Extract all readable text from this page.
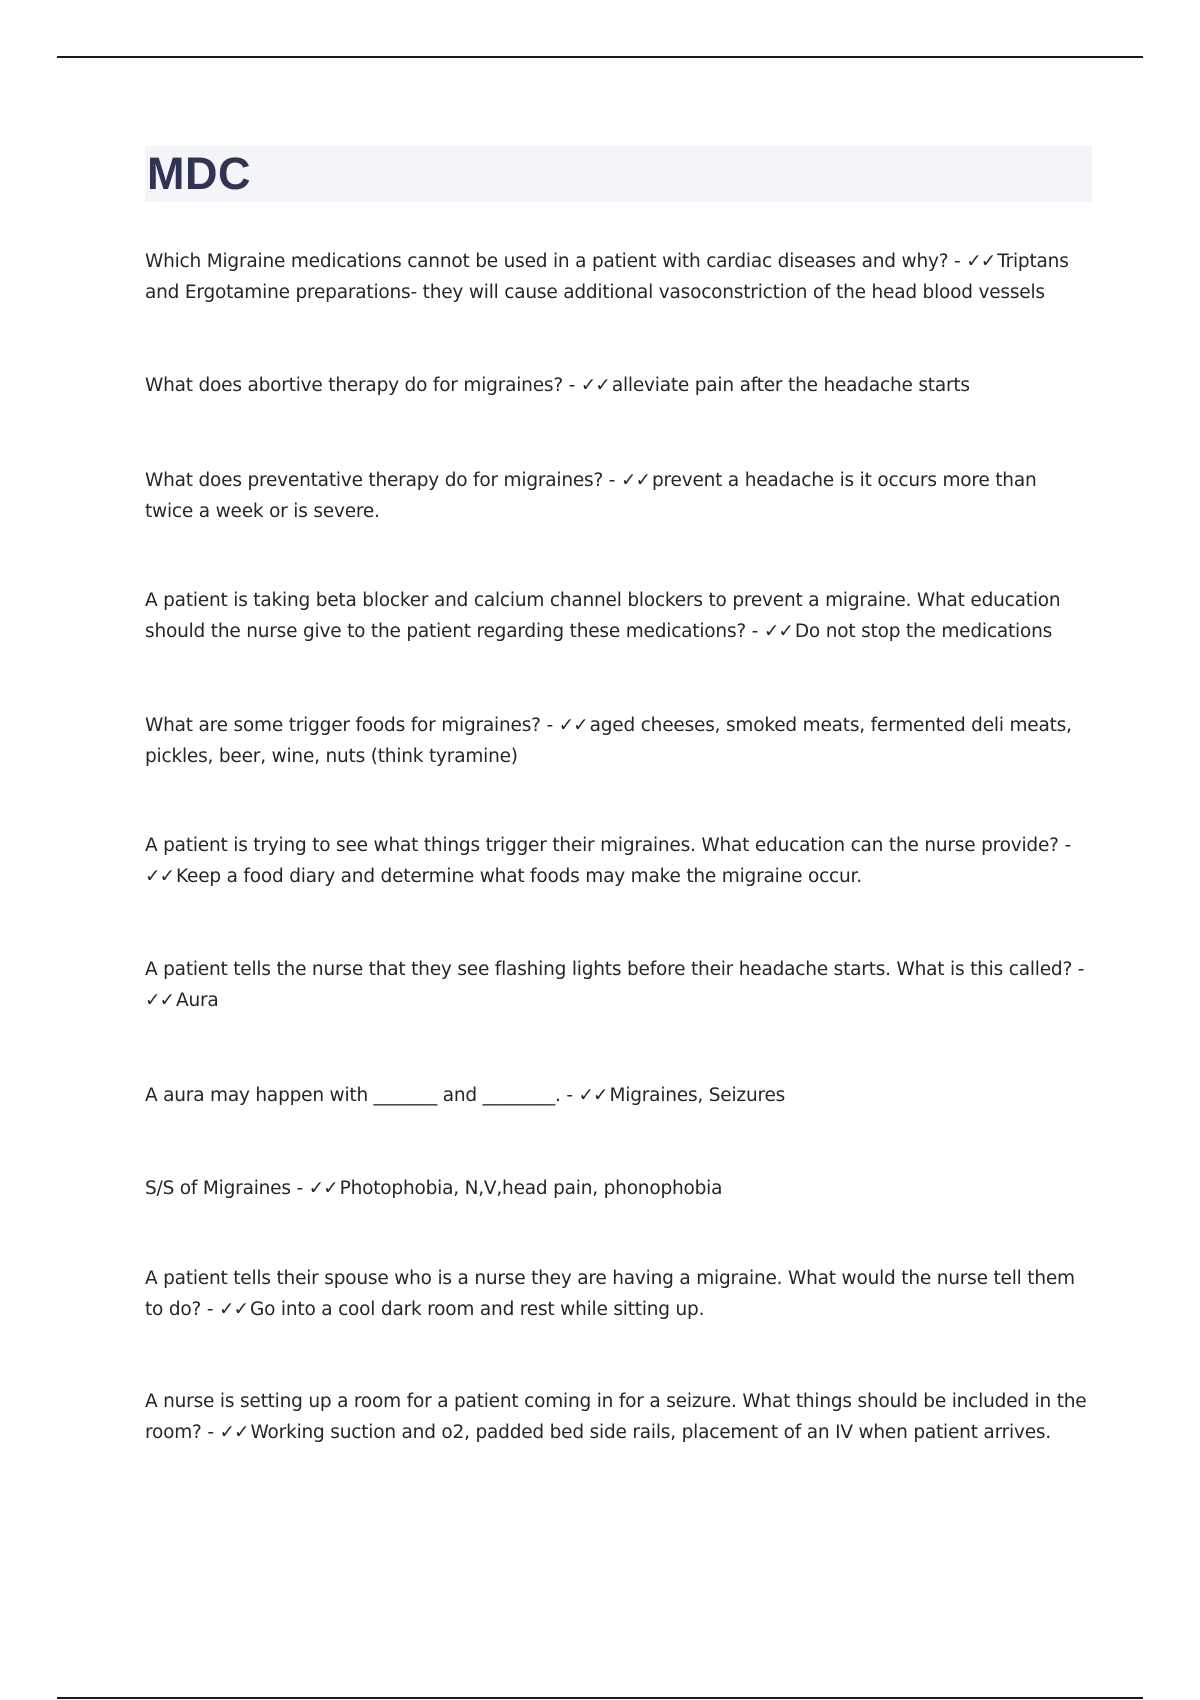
MDC

Which Migraine medications cannot be used in a patient with cardiac diseases and why? - ✓✓ Triptans and Ergotamine preparations- they will cause additional vasoconstriction of the head blood vessels

What does abortive therapy do for migraines? - ✓✓ alleviate pain after the headache starts

What does preventative therapy do for migraines? - ✓✓ prevent a headache is it occurs more than twice a week or is severe.

A patient is taking beta blocker and calcium channel blockers to prevent a migraine. What education should the nurse give to the patient regarding these medications? - ✓✓ Do not stop the medications

What are some trigger foods for migraines? - ✓✓ aged cheeses, smoked meats, fermented deli meats, pickles, beer, wine, nuts (think tyramine)

A patient is trying to see what things trigger their migraines. What education can the nurse provide? - ✓✓ Keep a food diary and determine what foods may make the migraine occur.

A patient tells the nurse that they see flashing lights before their headache starts. What is this called? - ✓✓ Aura

A aura may happen with _______ and ________. - ✓✓ Migraines, Seizures

S/S of Migraines - ✓✓ Photophobia, N,V,head pain, phonophobia

A patient tells their spouse who is a nurse they are having a migraine. What would the nurse tell them to do? - ✓✓ Go into a cool dark room and rest while sitting up.

A nurse is setting up a room for a patient coming in for a seizure. What things should be included in the room? - ✓✓ Working suction and o2, padded bed side rails, placement of an IV when patient arrives.
